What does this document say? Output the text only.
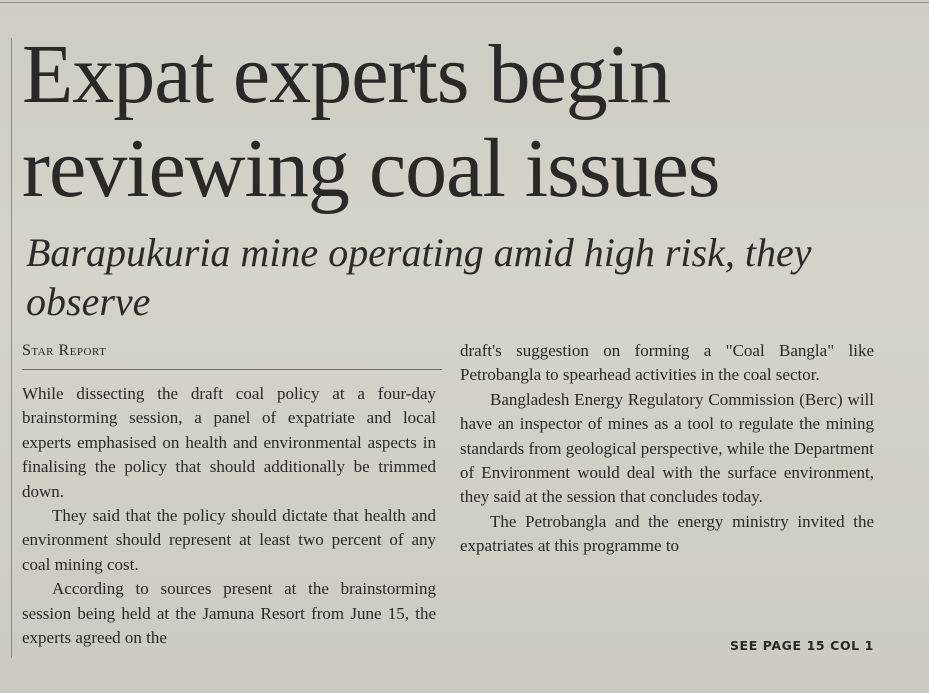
Expat experts begin reviewing coal issues
Barapukuria mine operating amid high risk, they observe
Star Report

While dissecting the draft coal policy at a four-day brainstorming session, a panel of expatriate and local experts emphasised on health and environmental aspects in finalising the policy that should additionally be trimmed down.

They said that the policy should dictate that health and environment should represent at least two percent of any coal mining cost.

According to sources present at the brainstorming session being held at the Jamuna Resort from June 15, the experts agreed on the

draft's suggestion on forming a "Coal Bangla" like Petrobangla to spearhead activities in the coal sector.

Bangladesh Energy Regulatory Commission (Berc) will have an inspector of mines as a tool to regulate the mining standards from geological perspective, while the Department of Environment would deal with the surface environment, they said at the session that concludes today.

The Petrobangla and the energy ministry invited the expatriates at this programme to

SEE PAGE 15 COL 1
